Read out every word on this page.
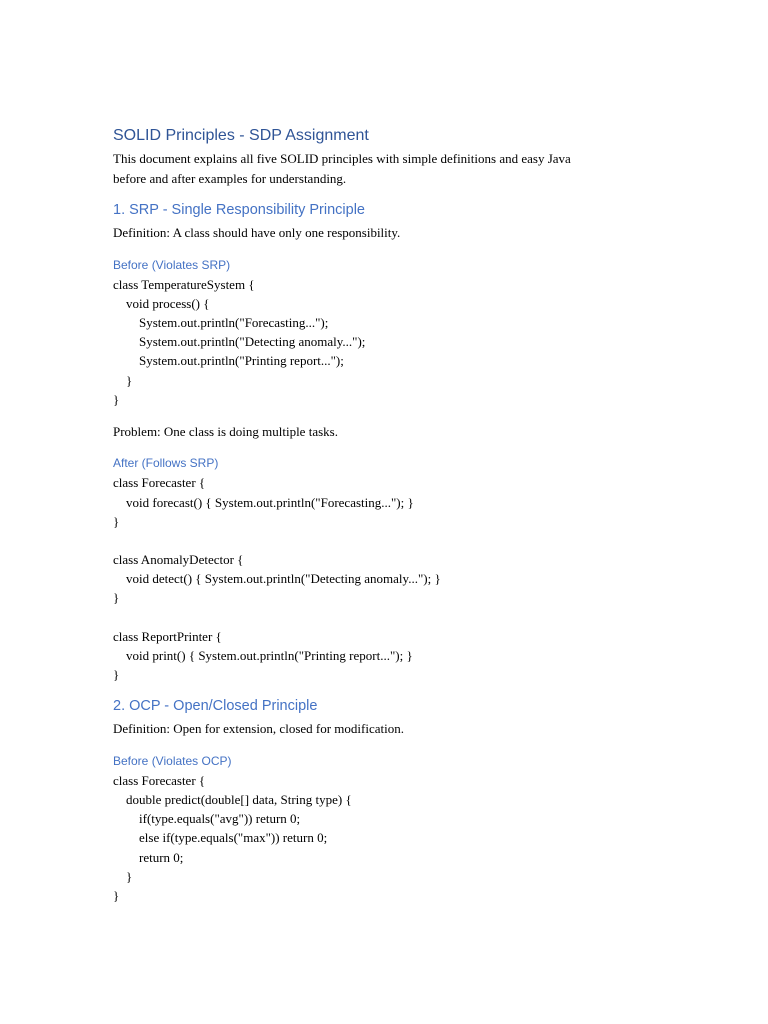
SOLID Principles - SDP Assignment

This document explains all five SOLID principles with simple definitions and easy Java
before and after examples for understanding.

1. SRP - Single Responsibility Principle

Definition: A class should have only one responsibility.

Before (Violates SRP)
class TemperatureSystem {
void process() {
System.out.println("Forecasting...");
System.out.println("Detecting anomaly...");
System.out.println("Printing report...");
}
}

Problem: One class is doing multiple tasks.

After (Follows SRP)
class Forecaster {
void forecast() { System.out.println("Forecasting..."); }
}
class AnomalyDetector {
void detect() { System.out.println("Detecting anomaly..."); }
}
class ReportPrinter {
void print() { System.out.println("Printing report..."); }
}
2. OCP - Open/Closed Principle

Definition: Open for extension, closed for modification.

Before (Violates OCP)
class Forecaster {
double predict(double[] data, String type) {
if(type.equals("avg")) return 0;
else if(type.equals("max")) return 0;
return 0;
}
}
